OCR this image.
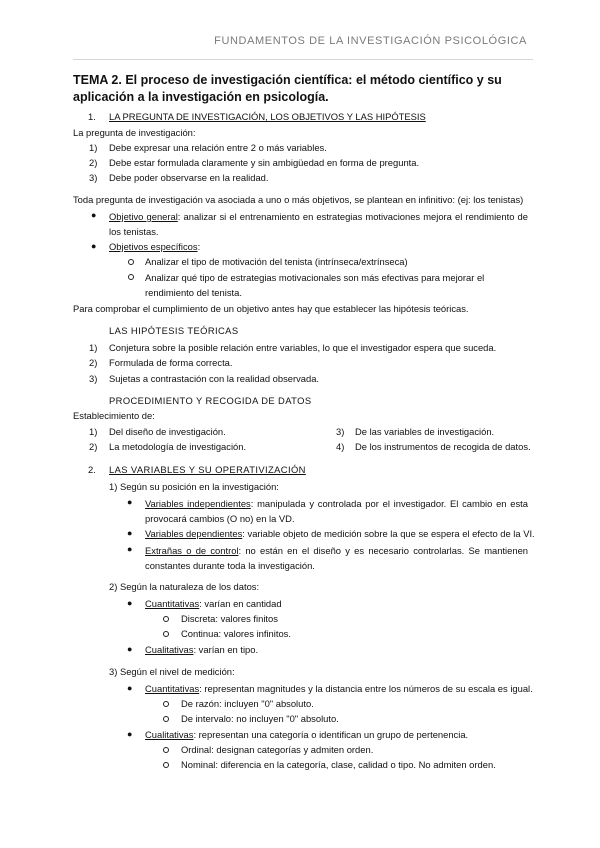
FUNDAMENTOS DE LA INVESTIGACIÓN PSICOLÓGICA
TEMA 2. El proceso de investigación científica: el método científico y su aplicación a la investigación en psicología.
1. LA PREGUNTA DE INVESTIGACIÓN, LOS OBJETIVOS Y LAS HIPÓTESIS
La pregunta de investigación:
1) Debe expresar una relación entre 2 o más variables.
2) Debe estar formulada claramente y sin ambigüedad en forma de pregunta.
3) Debe poder observarse en la realidad.
Toda pregunta de investigación va asociada a uno o más objetivos, se plantean en infinitivo: (ej: los tenistas)
● Objetivo general: analizar si el entrenamiento en estrategias motivaciones mejora el rendimiento de los tenistas.
● Objetivos específicos:
Analizar el tipo de motivación del tenista (intrínseca/extrínseca)
Analizar qué tipo de estrategias motivacionales son más efectivas para mejorar el rendimiento del tenista.
Para comprobar el cumplimiento de un objetivo antes hay que establecer las hipótesis teóricas.
LAS HIPÓTESIS TEÓRICAS
1) Conjetura sobre la posible relación entre variables, lo que el investigador espera que suceda.
2) Formulada de forma correcta.
3) Sujetas a contrastación con la realidad observada.
PROCEDIMIENTO Y RECOGIDA DE DATOS
Establecimiento de:
1) Del diseño de investigación.
2) La metodología de investigación.
3) De las variables de investigación.
4) De los instrumentos de recogida de datos.
2. LAS VARIABLES Y SU OPERATIVIZACIÓN
1) Según su posición en la investigación:
● Variables independientes: manipulada y controlada por el investigador. El cambio en esta provocará cambios (O no) en la VD.
● Variables dependientes: variable objeto de medición sobre la que se espera el efecto de la VI.
● Extrañas o de control: no están en el diseño y es necesario controlarlas. Se mantienen constantes durante toda la investigación.
2) Según la naturaleza de los datos:
● Cuantitativas: varían en cantidad
Discreta: valores finitos
Continua: valores infinitos.
● Cualitativas: varían en tipo.
3) Según el nivel de medición:
● Cuantitativas: representan magnitudes y la distancia entre los números de su escala es igual.
De razón: incluyen "0" absoluto.
De intervalo: no incluyen "0" absoluto.
● Cualitativas: representan una categoría o identifican un grupo de pertenencia.
Ordinal: designan categorías y admiten orden.
Nominal: diferencia en la categoría, clase, calidad o tipo. No admiten orden.
